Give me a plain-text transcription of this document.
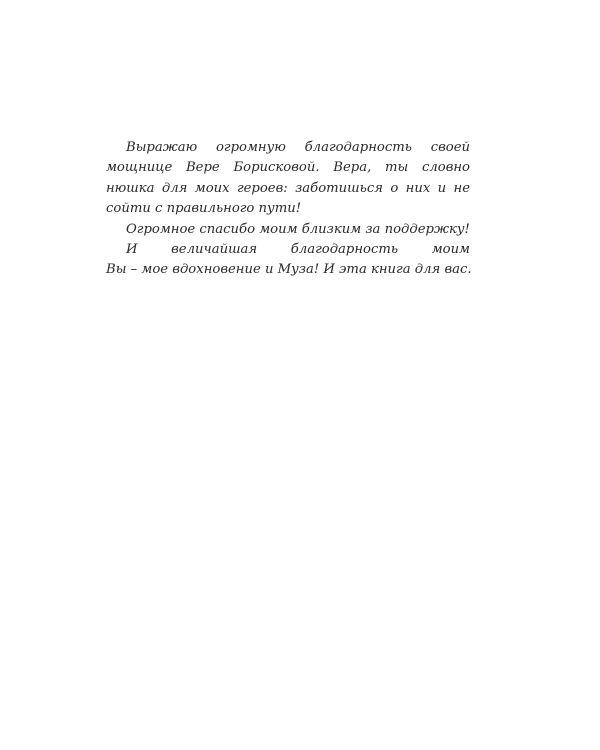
Выражаю огромную благодарность своей
мощнице Вере Борисковой. Вера, ты словно
нюшка для моих героев: заботишься о них и не
сойти с правильного пути!
Огромное спасибо моим близким за поддержку!
И величайшая благодарность моим
Вы – мое вдохновение и Муза! И эта книга для вас.
